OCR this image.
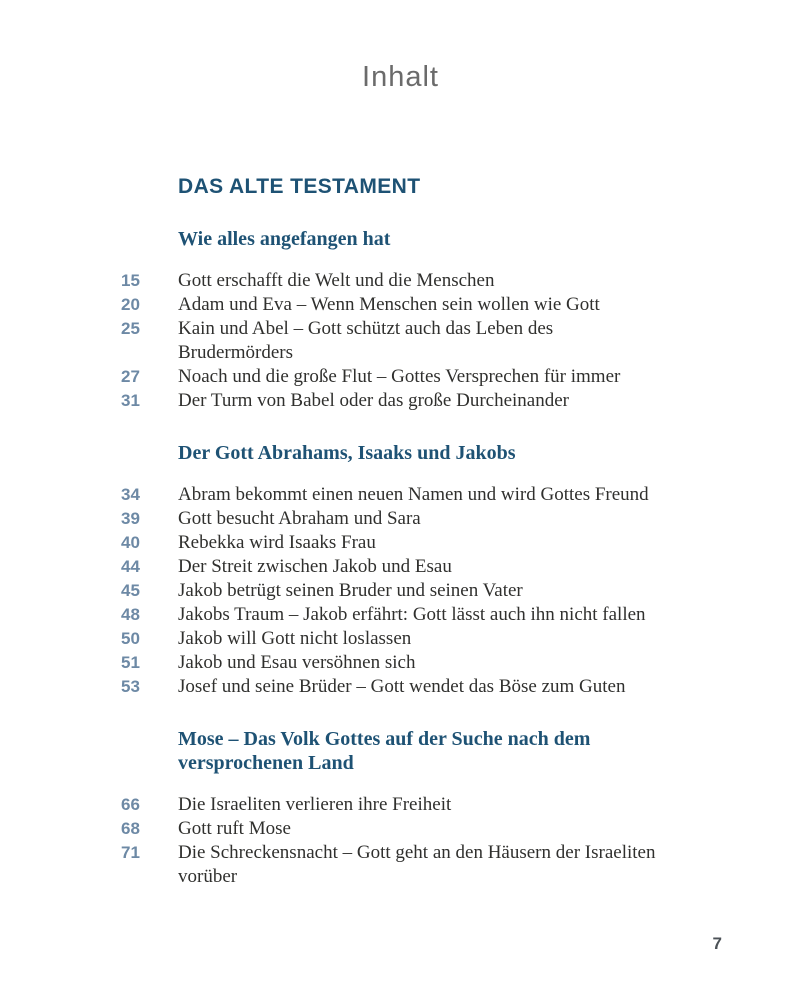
Inhalt
DAS ALTE TESTAMENT
Wie alles angefangen hat
15	Gott erschafft die Welt und die Menschen
20	Adam und Eva – Wenn Menschen sein wollen wie Gott
25	Kain und Abel – Gott schützt auch das Leben des
Brudermörders
27	Noach und die große Flut – Gottes Versprechen für immer
31	Der Turm von Babel oder das große Durcheinander
Der Gott Abrahams, Isaaks und Jakobs
34	Abram bekommt einen neuen Namen und wird Gottes Freund
39	Gott besucht Abraham und Sara
40	Rebekka wird Isaaks Frau
44	Der Streit zwischen Jakob und Esau
45	Jakob betrügt seinen Bruder und seinen Vater
48	Jakobs Traum – Jakob erfährt: Gott lässt auch ihn nicht fallen
50	Jakob will Gott nicht loslassen
51	Jakob und Esau versöhnen sich
53	Josef und seine Brüder – Gott wendet das Böse zum Guten
Mose – Das Volk Gottes auf der Suche nach dem
versprochenen Land
66	Die Israeliten verlieren ihre Freiheit
68	Gott ruft Mose
71	Die Schreckensnacht – Gott geht an den Häusern der Israeliten
vorüber
7
